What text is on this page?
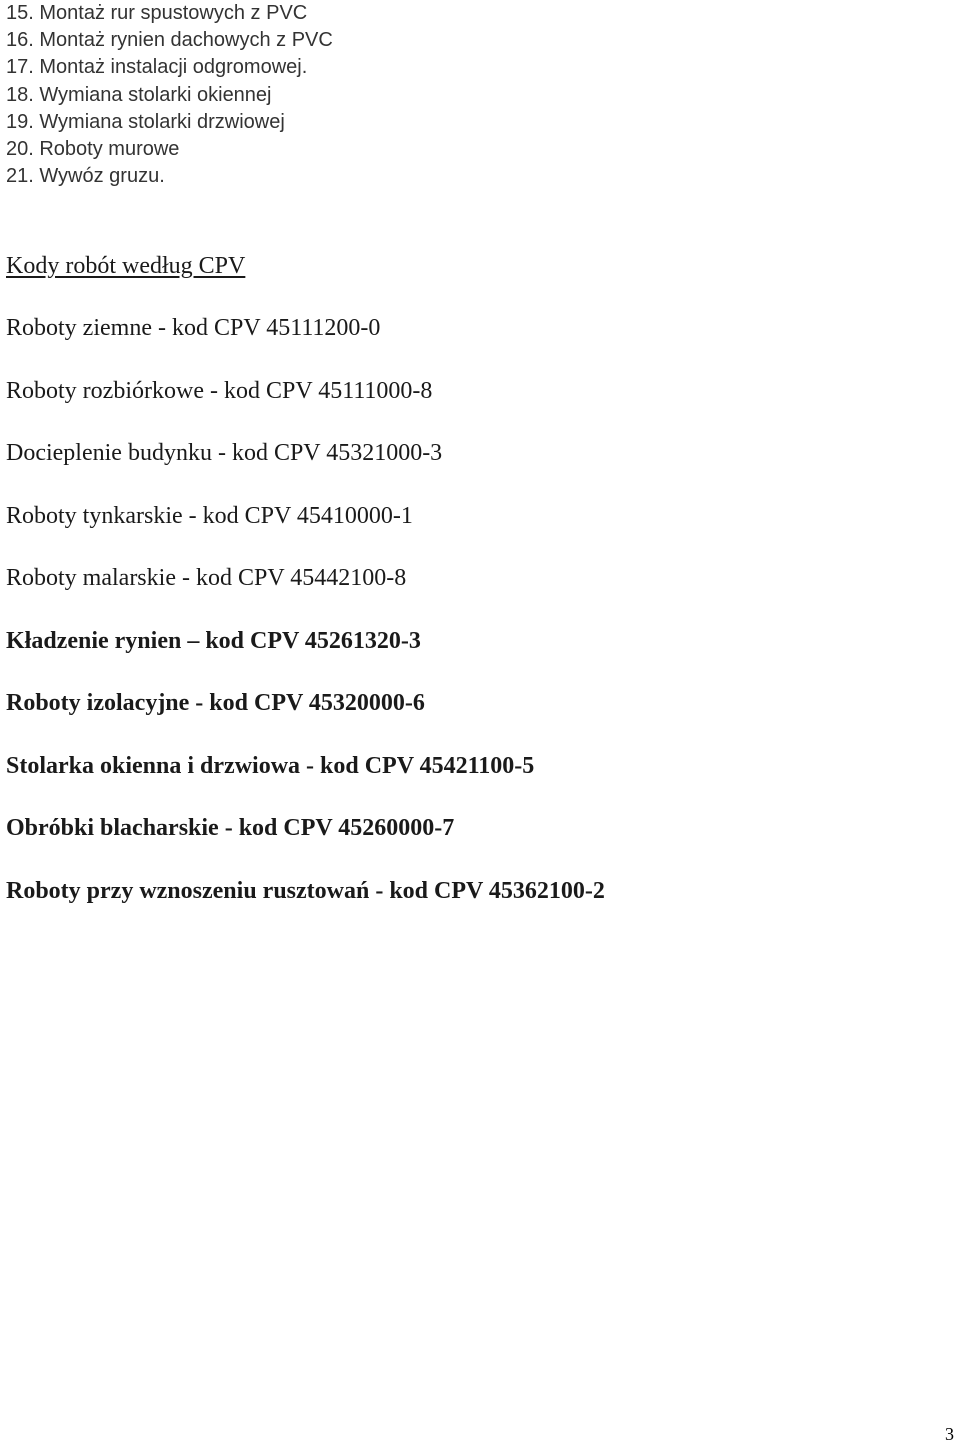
15. Montaż rur spustowych z PVC
16. Montaż rynien dachowych z PVC
17. Montaż instalacji odgromowej.
18. Wymiana stolarki okiennej
19. Wymiana stolarki drzwiowej
20. Roboty murowe
21. Wywóz gruzu.
Kody robót według CPV
Roboty ziemne - kod CPV 45111200-0
Roboty rozbiórkowe - kod CPV 45111000-8
Docieplenie budynku - kod CPV 45321000-3
Roboty tynkarskie - kod CPV 45410000-1
Roboty malarskie - kod CPV 45442100-8
Kładzenie rynien – kod CPV 45261320-3
Roboty izolacyjne - kod CPV 45320000-6
Stolarka okienna i drzwiowa - kod CPV 45421100-5
Obróbki blacharskie - kod CPV 45260000-7
Roboty przy wznoszeniu rusztowań - kod CPV 45362100-2
3
